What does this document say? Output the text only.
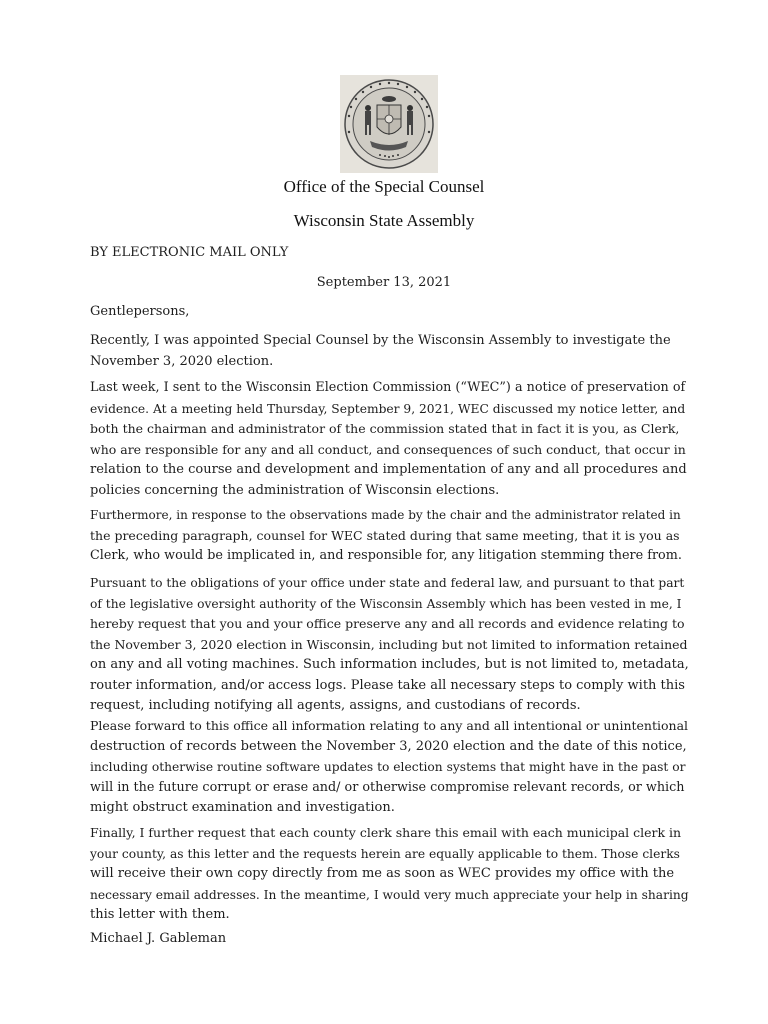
Office of the Special Counsel
Wisconsin State Assembly
BY ELECTRONIC MAIL ONLY
September 13, 2021
Gentlepersons,
Recently, I was appointed Special Counsel by the Wisconsin Assembly to investigate the
November 3, 2020 election.
Last week, I sent to the Wisconsin Election Commission (“WEC”) a notice of preservation of
evidence. At a meeting held Thursday, September 9, 2021, WEC discussed my notice letter, and
both the chairman and administrator of the commission stated that in fact it is you, as Clerk,
who are responsible for any and all conduct, and consequences of such conduct, that occur in
relation to the course and development and implementation of any and all procedures and
policies concerning the administration of Wisconsin elections.
Furthermore, in response to the observations made by the chair and the administrator related in
the preceding paragraph, counsel for WEC stated during that same meeting, that it is you as
Clerk, who would be implicated in, and responsible for, any litigation stemming there from.
Pursuant to the obligations of your office under state and federal law, and pursuant to that part
of the legislative oversight authority of the Wisconsin Assembly which has been vested in me, I
hereby request that you and your office preserve any and all records and evidence relating to
the November 3, 2020 election in Wisconsin, including but not limited to information retained
on any and all voting machines. Such information includes, but is not limited to, metadata,
router information, and/or access logs. Please take all necessary steps to comply with this
request, including notifying all agents, assigns, and custodians of records.
Please forward to this office all information relating to any and all intentional or unintentional
destruction of records between the November 3, 2020 election and the date of this notice,
including otherwise routine software updates to election systems that might have in the past or
will in the future corrupt or erase and/ or otherwise compromise relevant records, or which
might obstruct examination and investigation.
Finally, I further request that each county clerk share this email with each municipal clerk in
your county, as this letter and the requests herein are equally applicable to them. Those clerks
will receive their own copy directly from me as soon as WEC provides my office with the
necessary email addresses. In the meantime, I would very much appreciate your help in sharing
this letter with them.
Michael J. Gableman
